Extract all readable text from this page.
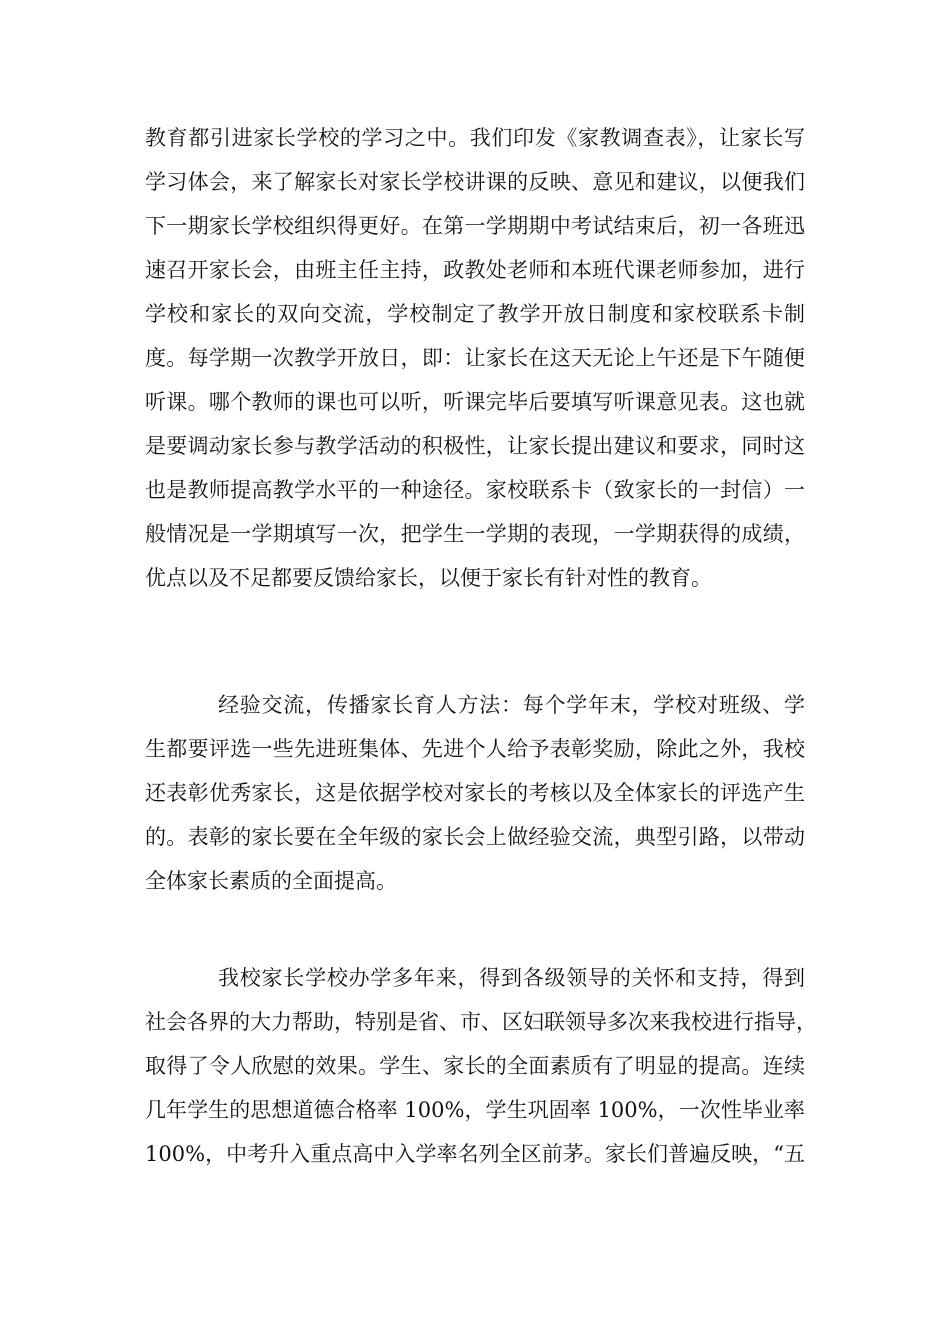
教育都引进家长学校的学习之中。我们印发《家教调查表》，让家长写
学习体会，来了解家长对家长学校讲课的反映、意见和建议，以便我们
下一期家长学校组织得更好。在第一学期期中考试结束后，初一各班迅
速召开家长会，由班主任主持，政教处老师和本班代课老师参加，进行
学校和家长的双向交流，学校制定了教学开放日制度和家校联系卡制
度。每学期一次教学开放日，即：让家长在这天无论上午还是下午随便
听课。哪个教师的课也可以听，听课完毕后要填写听课意见表。这也就
是要调动家长参与教学活动的积极性，让家长提出建议和要求，同时这
也是教师提高教学水平的一种途径。家校联系卡（致家长的一封信）一
般情况是一学期填写一次，把学生一学期的表现，一学期获得的成绩，
优点以及不足都要反馈给家长，以便于家长有针对性的教育。
经验交流，传播家长育人方法：每个学年末，学校对班级、学
生都要评选一些先进班集体、先进个人给予表彰奖励，除此之外，我校
还表彰优秀家长，这是依据学校对家长的考核以及全体家长的评选产生
的。表彰的家长要在全年级的家长会上做经验交流，典型引路，以带动
全体家长素质的全面提高。
我校家长学校办学多年来，得到各级领导的关怀和支持，得到
社会各界的大力帮助，特别是省、市、区妇联领导多次来我校进行指导，
取得了令人欣慰的效果。学生、家长的全面素质有了明显的提高。连续
几年学生的思想道德合格率 100%，学生巩固率 100%，一次性毕业率
100%，中考升入重点高中入学率名列全区前茅。家长们普遍反映，“五
